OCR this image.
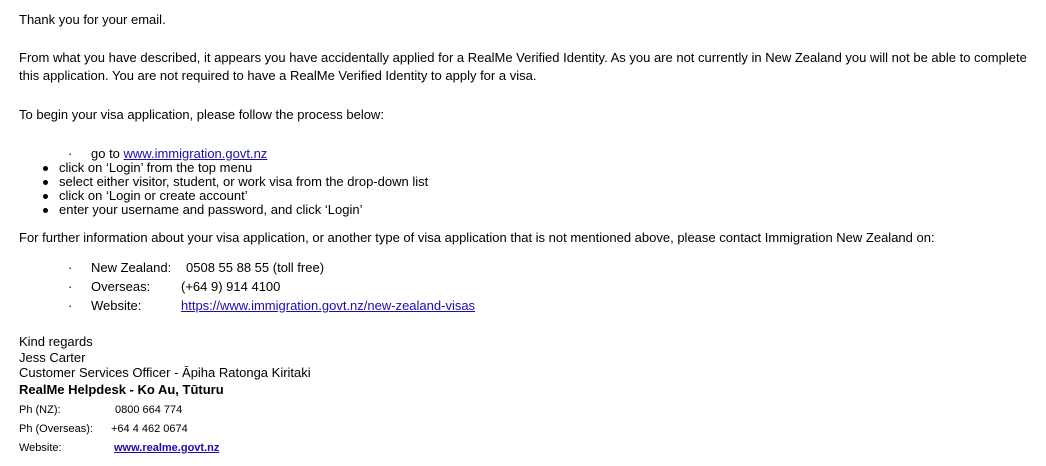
Thank you for your email.
From what you have described, it appears you have accidentally applied for a RealMe Verified Identity. As you are not currently in New Zealand you will not be able to complete this application. You are not required to have a RealMe Verified Identity to apply for a visa.
To begin your visa application, please follow the process below:
· go to www.immigration.govt.nz
click on ‘Login’ from the top menu
select either visitor, student, or work visa from the drop-down list
click on ‘Login or create account’
enter your username and password, and click ‘Login’
For further information about your visa application, or another type of visa application that is not mentioned above, please contact Immigration New Zealand on:
· New Zealand: 0508 55 88 55 (toll free)
· Overseas: (+64 9) 914 4100
· Website:	https://www.immigration.govt.nz/new-zealand-visas
Kind regards
Jess Carter
Customer Services Officer - Āpiha Ratonga Kiritaki
RealMe Helpdesk - Ko Au, Tūturu
Ph (NZ):	0800 664 774
Ph (Overseas): +64 4 462 0674
Website:	www.realme.govt.nz
